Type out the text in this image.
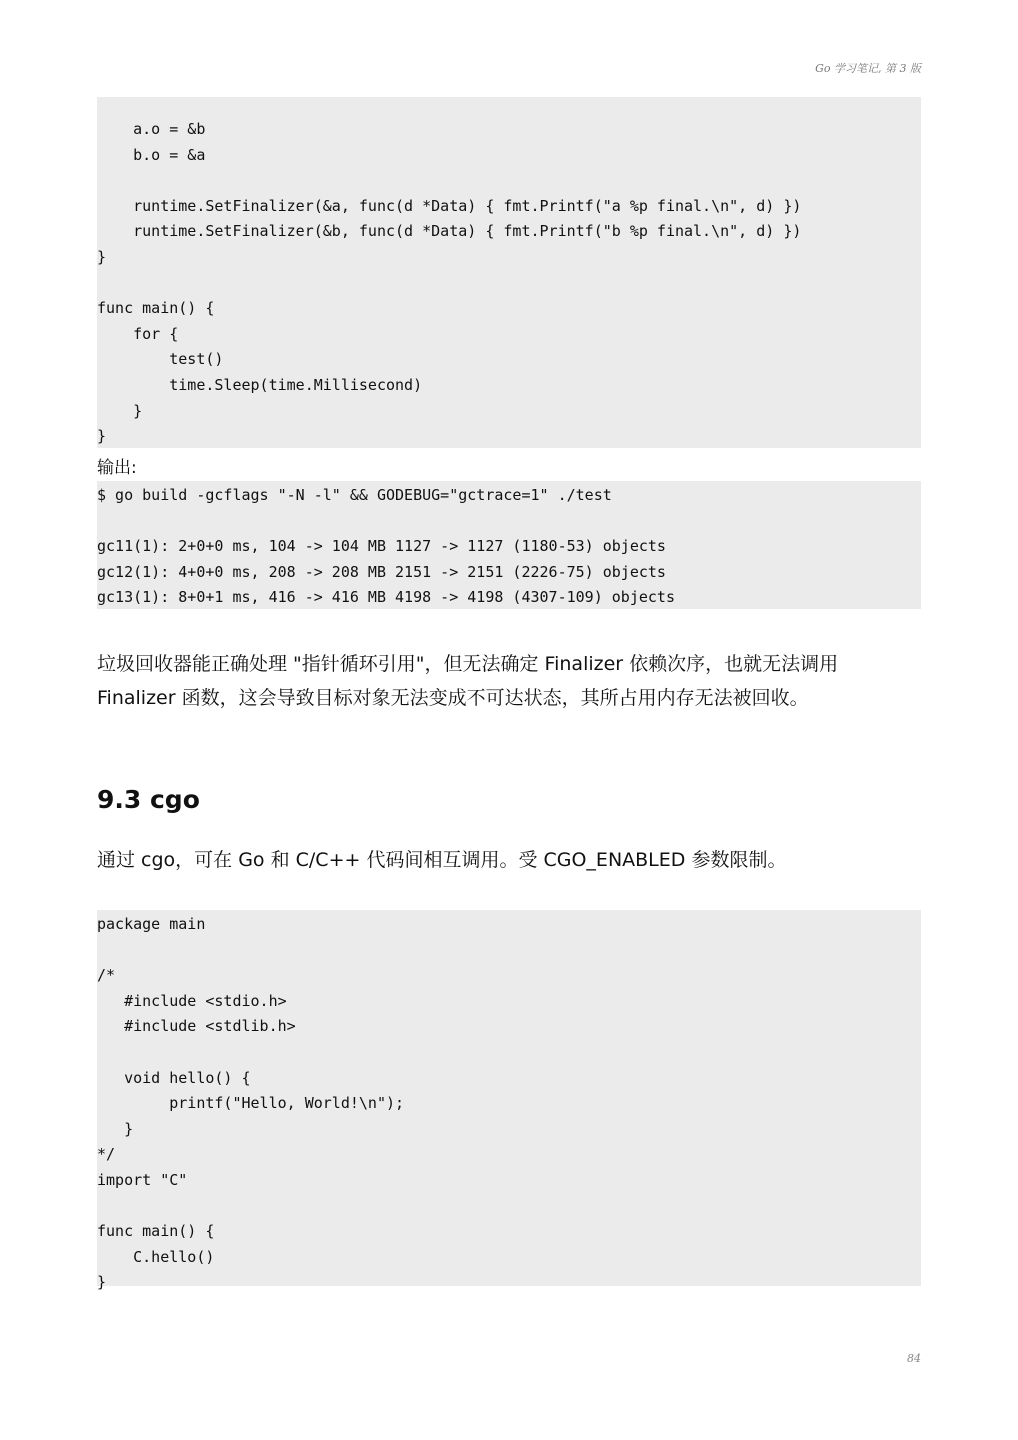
Go 学习笔记, 第 3 版
a.o = &b
b.o = &a
runtime.SetFinalizer(&a, func(d *Data) { fmt.Printf("a %p final.\n", d) })
runtime.SetFinalizer(&b, func(d *Data) { fmt.Printf("b %p final.\n", d) })
}
func main() {
for {
test()
time.Sleep(time.Millisecond)
}
}
输出:
$ go build -gcflags "-N -l" && GODEBUG="gctrace=1" ./test
gc11(1): 2+0+0 ms, 104 -> 104 MB 1127 -> 1127 (1180-53) objects
gc12(1): 4+0+0 ms, 208 -> 208 MB 2151 -> 2151 (2226-75) objects
gc13(1): 8+0+1 ms, 416 -> 416 MB 4198 -> 4198 (4307-109) objects

垃圾回收器能正确处理 "指针循环引用"，但无法确定 Finalizer 依赖次序，也就无法调用 Finalizer 函数，这会导致目标对象无法变成不可达状态，其所占用内存无法被回收。

9.3 cgo

通过 cgo，可在 Go 和 C/C++ 代码间相互调用。受 CGO_ENABLED 参数限制。

package main
/*
#include <stdio.h>
#include <stdlib.h>
void hello() {
printf("Hello, World!\n");
}
*/
import "C"
func main() {
C.hello()
}
84
